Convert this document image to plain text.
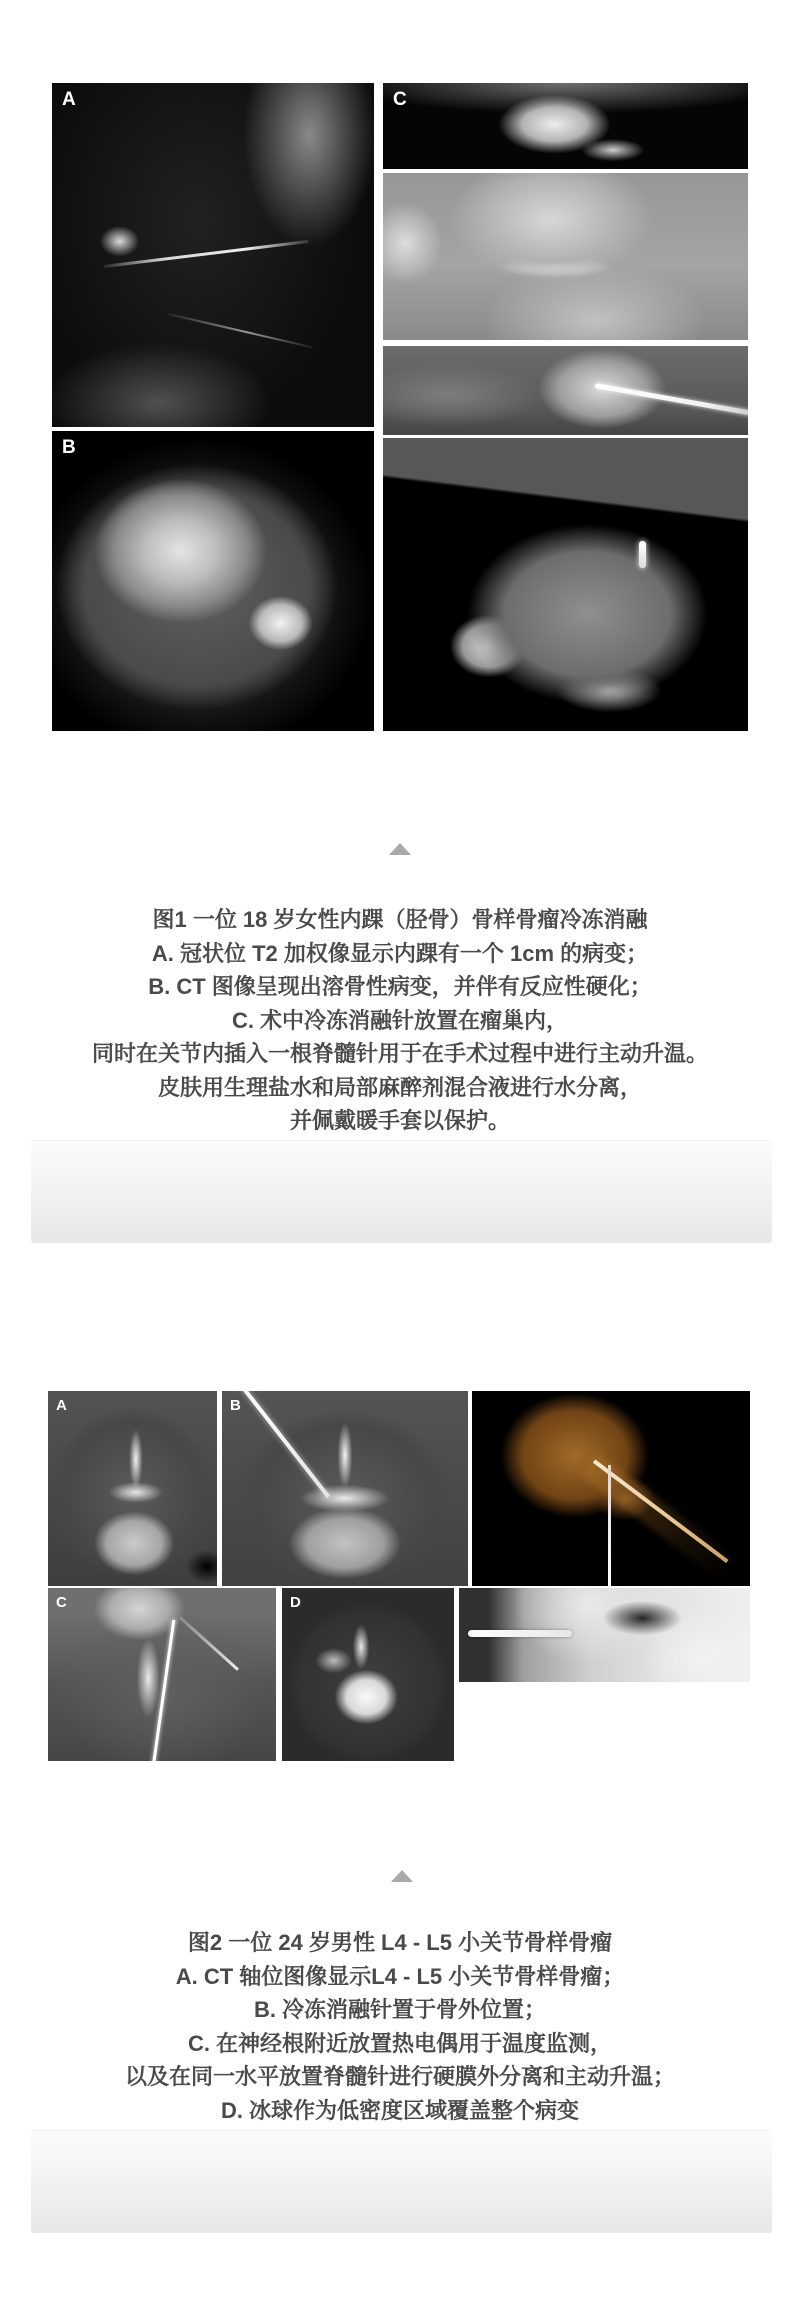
A
B
C
图1 一位 18 岁女性内踝（胫骨）骨样骨瘤冷冻消融
A. 冠状位 T2 加权像显示内踝有一个 1cm 的病变；
B. CT 图像呈现出溶骨性病变，并伴有反应性硬化；
C. 术中冷冻消融针放置在瘤巢内，
同时在关节内插入一根脊髓针用于在手术过程中进行主动升温。
皮肤用生理盐水和局部麻醉剂混合液进行水分离，
并佩戴暖手套以保护。
A	B
C	D
图2 一位 24 岁男性 L4 - L5 小关节骨样骨瘤
A. CT 轴位图像显示L4 - L5 小关节骨样骨瘤；
B. 冷冻消融针置于骨外位置；
C. 在神经根附近放置热电偶用于温度监测，
以及在同一水平放置脊髓针进行硬膜外分离和主动升温；
D. 冰球作为低密度区域覆盖整个病变
